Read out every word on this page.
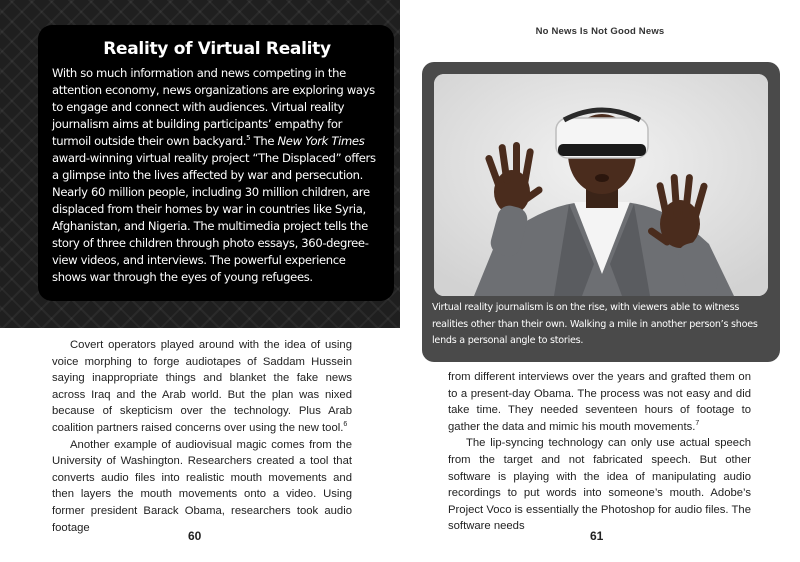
Reality of Virtual Reality
With so much information and news competing in the attention economy, news organizations are exploring ways to engage and connect with audiences. Virtual reality journalism aims at building participants’ empathy for turmoil outside their own backyard.$^5$ The New York Times award-winning virtual reality project “The Displaced” offers a glimpse into the lives affected by war and persecution. Nearly 60 million people, including 30 million children, are displaced from their homes by war in countries like Syria, Afghanistan, and Nigeria. The multimedia project tells the story of three children through photo essays, 360-degree- view videos, and interviews. The powerful experience shows war through the eyes of young refugees.

Covert operators played around with the idea of using voice morphing to forge audiotapes of Saddam Hussein saying inappropriate things and blanket the fake news across Iraq and the Arab world. But the plan was nixed because of skepticism over the technology. Plus Arab coalition partners raised concerns over using the new tool.$^6$

Another example of audiovisual magic comes from the University of Washington. Researchers created a tool that converts audio files into realistic mouth movements and then layers the mouth movements onto a video. Using former president Barack Obama, researchers took audio footage

60
No News Is Not Good News
Virtual reality journalism is on the rise, with viewers able to witness realities other than their own. Walking a mile in another person’s shoes lends a personal angle to stories.

from different interviews over the years and grafted them on to a present-day Obama. The process was not easy and did take time. They needed seventeen hours of footage to gather the data and mimic his mouth movements.$^7$

The lip-syncing technology can only use actual speech from the target and not fabricated speech. But other software is playing with the idea of manipulating audio recordings to put words into someone’s mouth. Adobe’s Project Voco is essentially the Photoshop for audio files. The software needs

61
